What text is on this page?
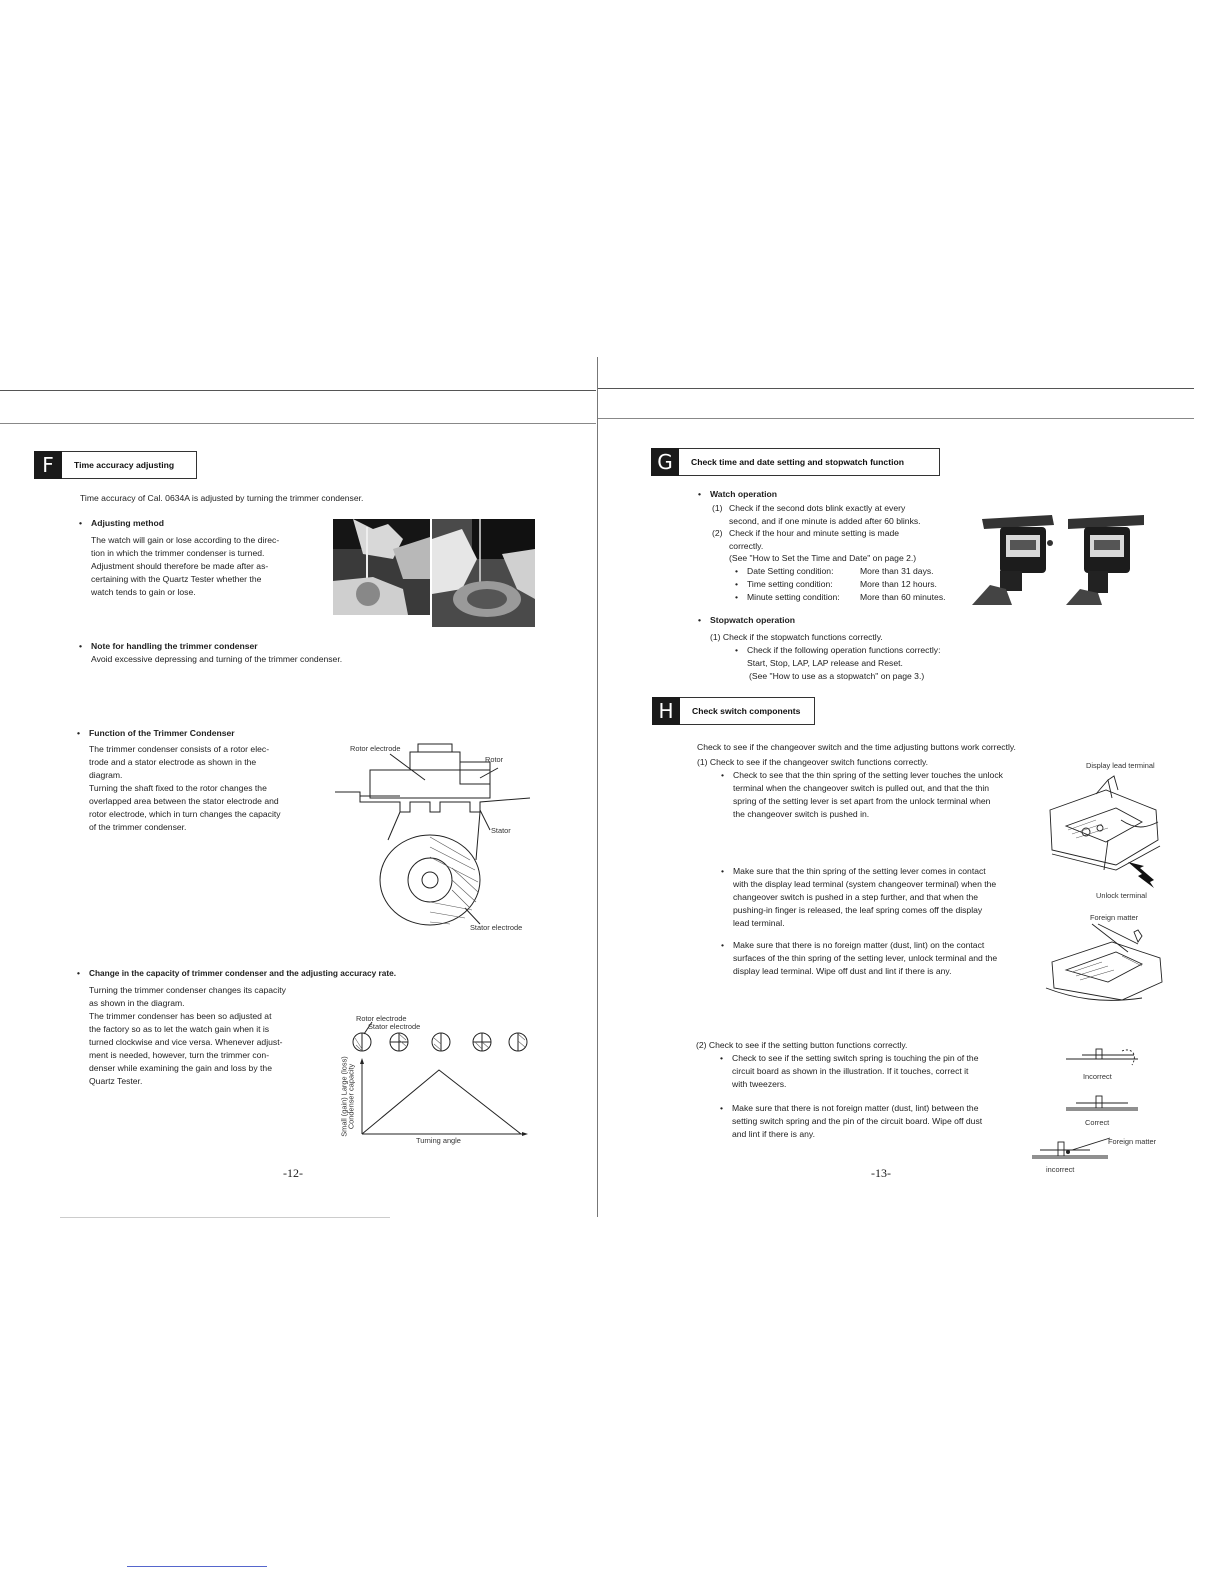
F	Time accuracy adjusting
Time accuracy of Cal. 0634A is adjusted by turning the trimmer condenser.
• Adjusting method
The watch will gain or lose according to the direc-
tion in which the trimmer condenser is turned.
Adjustment should therefore be made after as-
certaining with the Quartz Tester whether the
watch tends to gain or lose.
• Note for handling the trimmer condenser
Avoid excessive depressing and turning of the trimmer condenser.
• Function of the Trimmer Condenser
The trimmer condenser consists of a rotor elec-
trode and a stator electrode as shown in the
diagram.
Turning the shaft fixed to the rotor changes the
overlapped area between the stator electrode and
rotor electrode, which in turn changes the capacity
of the trimmer condenser.
Rotor electrode
Rotor
Stator
Stator electrode
• Change in the capacity of trimmer condenser and the adjusting accuracy rate.
Turning the trimmer condenser changes its capacity
as shown in the diagram.
The trimmer condenser has been so adjusted at
the factory so as to let the watch gain when it is
turned clockwise and vice versa. Whenever adjust-
ment is needed, however, turn the trimmer con-
denser while examining the gain and loss by the
Quartz Tester.
Rotor electrode
Stator electrode
Small (gain) Large (loss)
Condenser capacity
Turning angle
-12-
G	Check time and date setting and stopwatch function
• Watch operation
(1) Check if the second dots blink exactly at every
second, and if one minute is added after 60 blinks.
(2) Check if the hour and minute setting is made
correctly.
(See "How to Set the Time and Date" on page 2.)
• Date Setting condition:	More than 31 days.
• Time setting condition:	More than 12 hours.
• Minute setting condition: More than 60 minutes.
• Stopwatch operation
(1) Check if the stopwatch functions correctly.
• Check if the following operation functions correctly:
Start, Stop, LAP, LAP release and Reset.
(See "How to use as a stopwatch" on page 3.)
H	Check switch components
Check to see if the changeover switch and the time adjusting buttons work correctly.
(1) Check to see if the changeover switch functions correctly.
• Check to see that the thin spring of the setting lever touches the unlock
terminal when the changeover switch is pulled out, and that the thin
spring of the setting lever is set apart from the unlock terminal when
the changeover switch is pushed in.
• Make sure that the thin spring of the setting lever comes in contact
with the display lead terminal (system changeover terminal) when the
changeover switch is pushed in a step further, and that when the
pushing-in finger is released, the leaf spring comes off the display
lead terminal.
• Make sure that there is no foreign matter (dust, lint) on the contact
surfaces of the thin spring of the setting lever, unlock terminal and the
display lead terminal. Wipe off dust and lint if there is any.
Display lead terminal
Unlock terminal
Foreign matter
(2) Check to see if the setting button functions correctly.
• Check to see if the setting switch spring is touching the pin of the
circuit board as shown in the illustration. If it touches, correct it
with tweezers.
• Make sure that there is not foreign matter (dust, lint) between the
setting switch spring and the pin of the circuit board. Wipe off dust
and lint if there is any.
Incorrect
Correct
Foreign matter
incorrect
-13-
